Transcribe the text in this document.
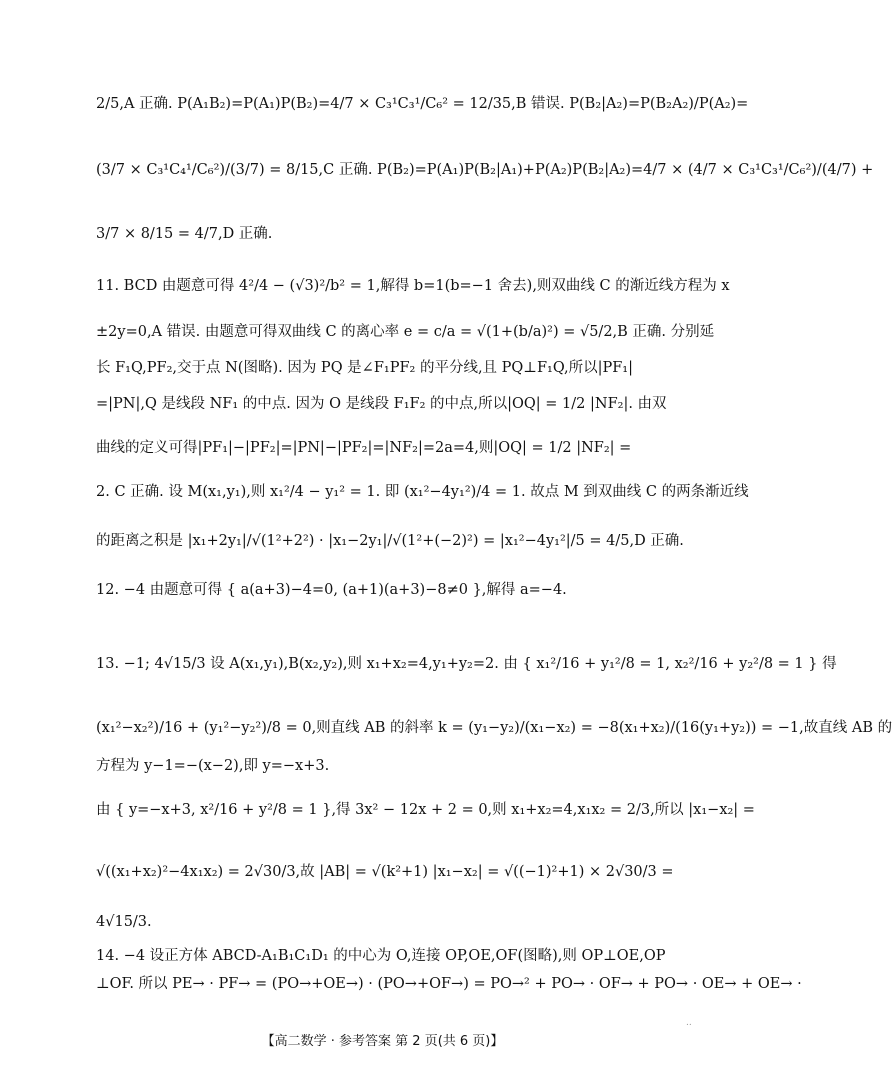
2/5,A 正确. P(A₁B₂)=P(A₁)P(B₂)=4/7 × C₃¹C₃¹/C₆² = 12/35,B 错误. P(B₂|A₂)=P(B₂A₂)/P(A₂)=
(3/7 × C₃¹C₄¹/C₆²)/(3/7) = 8/15,C 正确. P(B₂)=P(A₁)P(B₂|A₁)+P(A₂)P(B₂|A₂)=4/7 × (4/7 × C₃¹C₃¹/C₆²)/(4/7) +
3/7 × 8/15 = 4/7,D 正确.
11. BCD 由题意可得 4²/4 − (√3)²/b² = 1,解得 b=1(b=−1 舍去),则双曲线 C 的渐近线方程为 x
±2y=0,A 错误. 由题意可得双曲线 C 的离心率 e = c/a = √(1+(b/a)²) = √5/2,B 正确. 分别延
长 F₁Q,PF₂,交于点 N(图略). 因为 PQ 是∠F₁PF₂ 的平分线,且 PQ⊥F₁Q,所以|PF₁|
=|PN|,Q 是线段 NF₁ 的中点. 因为 O 是线段 F₁F₂ 的中点,所以|OQ| = 1/2 |NF₂|. 由双
曲线的定义可得|PF₁|−|PF₂|=|PN|−|PF₂|=|NF₂|=2a=4,则|OQ| = 1/2 |NF₂| =
2. C 正确. 设 M(x₁,y₁),则 x₁²/4 − y₁² = 1. 即 (x₁²−4y₁²)/4 = 1. 故点 M 到双曲线 C 的两条渐近线
的距离之积是 |x₁+2y₁|/√(1²+2²) · |x₁−2y₁|/√(1²+(−2)²) = |x₁²−4y₁²|/5 = 4/5,D 正确.
12. −4 由题意可得 { a(a+3)−4=0, (a+1)(a+3)−8≠0 },解得 a=−4.
13. −1; 4√15/3 设 A(x₁,y₁),B(x₂,y₂),则 x₁+x₂=4,y₁+y₂=2. 由 { x₁²/16 + y₁²/8 = 1, x₂²/16 + y₂²/8 = 1 } 得
(x₁²−x₂²)/16 + (y₁²−y₂²)/8 = 0,则直线 AB 的斜率 k = (y₁−y₂)/(x₁−x₂) = −8(x₁+x₂)/(16(y₁+y₂)) = −1,故直线 AB 的
方程为 y−1=−(x−2),即 y=−x+3.
由 { y=−x+3, x²/16 + y²/8 = 1 },得 3x² − 12x + 2 = 0,则 x₁+x₂=4,x₁x₂ = 2/3,所以 |x₁−x₂| =
√((x₁+x₂)²−4x₁x₂) = 2√30/3,故 |AB| = √(k²+1) |x₁−x₂| = √((−1)²+1) × 2√30/3 =
4√15/3.
14. −4 设正方体 ABCD-A₁B₁C₁D₁ 的中心为 O,连接 OP,OE,OF(图略),则 OP⊥OE,OP
⊥OF. 所以 PE→ · PF→ = (PO→+OE→) · (PO→+OF→) = PO→² + PO→ · OF→ + PO→ · OE→ + OE→ ·
..
【高二数学 · 参考答案 第 2 页(共 6 页)】
